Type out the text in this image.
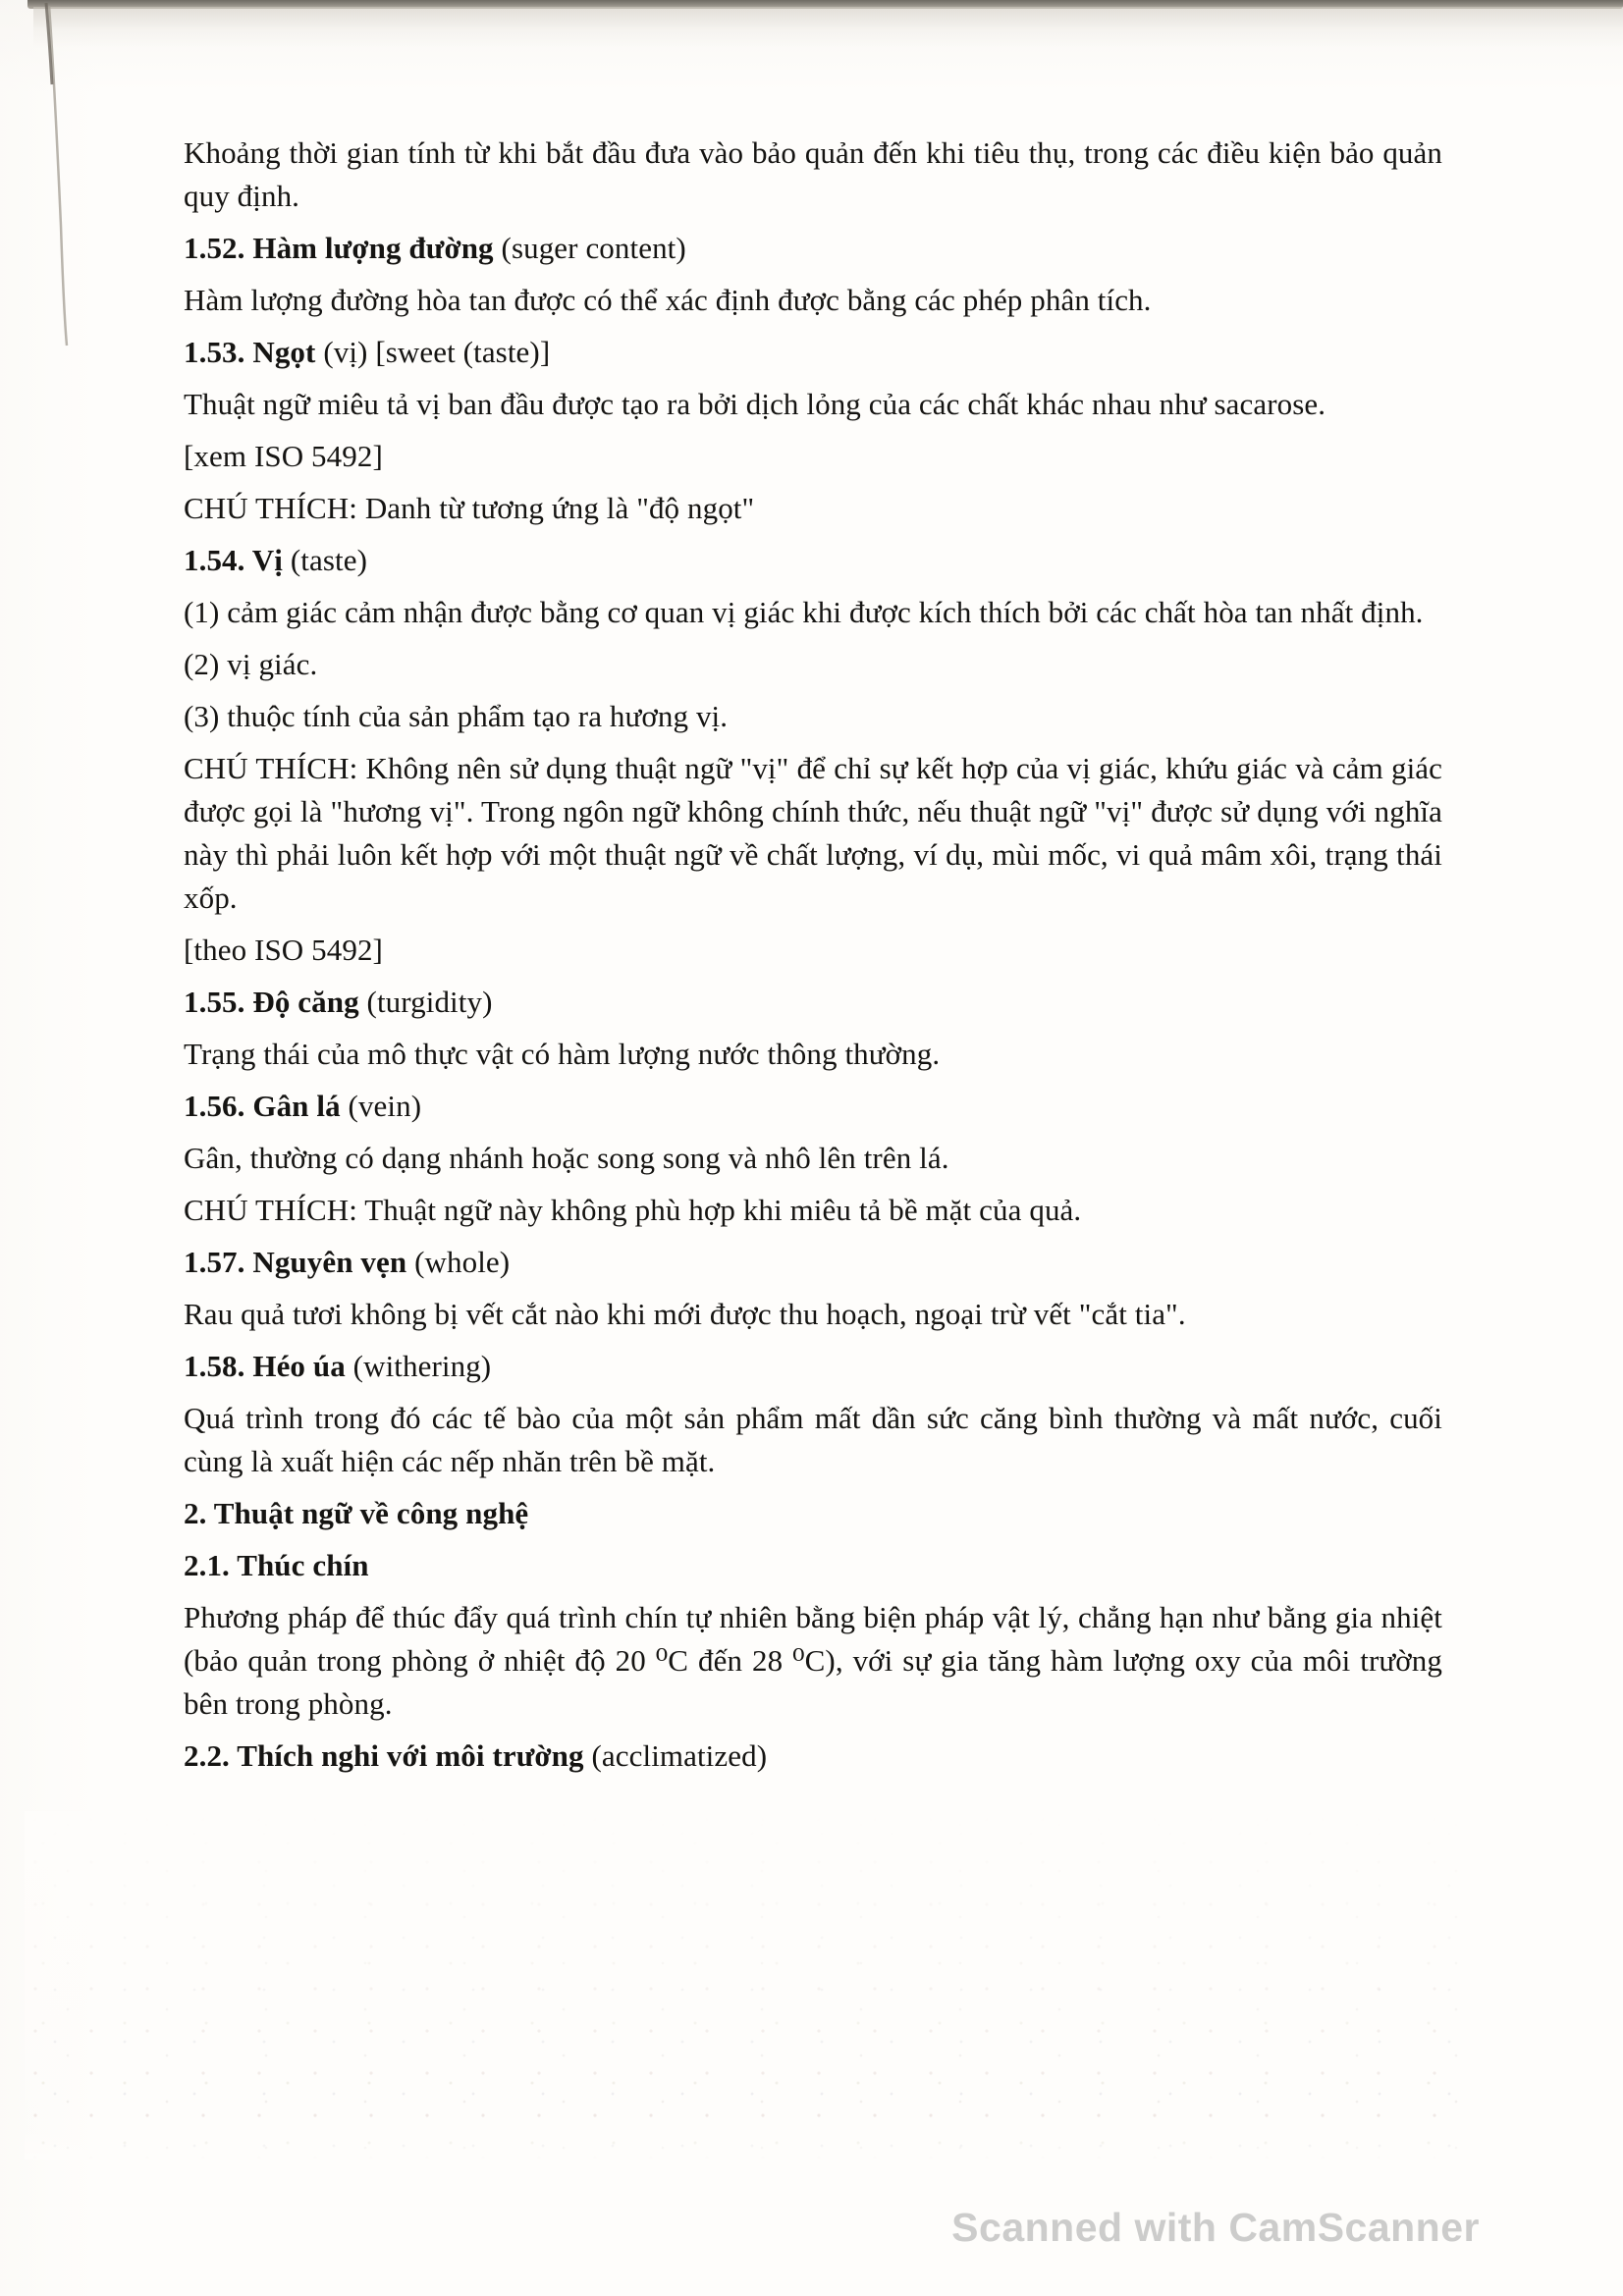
Khoảng thời gian tính từ khi bắt đầu đưa vào bảo quản đến khi tiêu thụ, trong các điều kiện bảo quản quy định.

1.52. Hàm lượng đường (suger content)

Hàm lượng đường hòa tan được có thể xác định được bằng các phép phân tích.

1.53. Ngọt (vị) [sweet (taste)]

Thuật ngữ miêu tả vị ban đầu được tạo ra bởi dịch lỏng của các chất khác nhau như sacarose.

[xem ISO 5492]

CHÚ THÍCH: Danh từ tương ứng là "độ ngọt"

1.54. Vị (taste)

(1) cảm giác cảm nhận được bằng cơ quan vị giác khi được kích thích bởi các chất hòa tan nhất định.

(2) vị giác.

(3) thuộc tính của sản phẩm tạo ra hương vị.

CHÚ THÍCH: Không nên sử dụng thuật ngữ "vị" để chỉ sự kết hợp của vị giác, khứu giác và cảm giác được gọi là "hương vị". Trong ngôn ngữ không chính thức, nếu thuật ngữ "vị" được sử dụng với nghĩa này thì phải luôn kết hợp với một thuật ngữ về chất lượng, ví dụ, mùi mốc, vi quả mâm xôi, trạng thái xốp.

[theo ISO 5492]

1.55. Độ căng (turgidity)

Trạng thái của mô thực vật có hàm lượng nước thông thường.

1.56. Gân lá (vein)

Gân, thường có dạng nhánh hoặc song song và nhô lên trên lá.

CHÚ THÍCH: Thuật ngữ này không phù hợp khi miêu tả bề mặt của quả.

1.57. Nguyên vẹn (whole)

Rau quả tươi không bị vết cắt nào khi mới được thu hoạch, ngoại trừ vết "cắt tia".

1.58. Héo úa (withering)

Quá trình trong đó các tế bào của một sản phẩm mất dần sức căng bình thường và mất nước, cuối cùng là xuất hiện các nếp nhăn trên bề mặt.

2. Thuật ngữ về công nghệ

2.1. Thúc chín

Phương pháp để thúc đẩy quá trình chín tự nhiên bằng biện pháp vật lý, chẳng hạn như bằng gia nhiệt (bảo quản trong phòng ở nhiệt độ 20 ⁰C đến 28 ⁰C), với sự gia tăng hàm lượng oxy của môi trường bên trong phòng.

2.2. Thích nghi với môi trường (acclimatized)

Scanned with CamScanner
